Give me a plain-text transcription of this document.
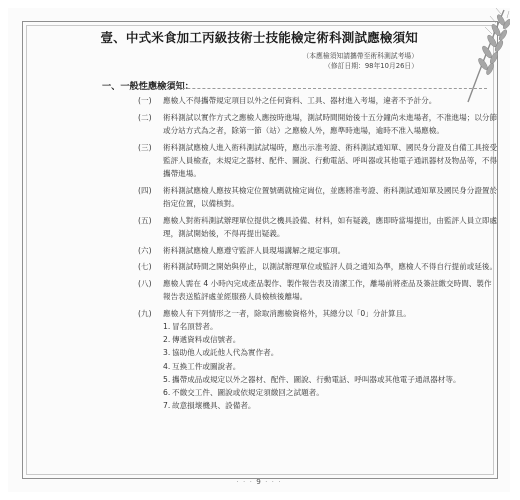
壹、中式米食加工丙級技術士技能檢定術科測試應檢須知
（本應檢須知請攜帶至術科測試考場）
（修訂日期：98年10月26日）
一、一般性應檢須知：
( 一 )	應檢人不得攜帶規定項目以外之任何資料、工具、器材進入考場，違者不予計分。
( 二 )	術科測試以實作方式之應檢人應按時進場，測試時間開始後十五分鐘尚未進場者，不准進場；以分節或分站方式為之者，除第一節（站）之應檢人外，應準時進場，逾時不准入場應檢。
( 三 )	術科測試應檢人進入術科測試試場時，應出示准考證、術科測試通知單、國民身分證及自備工具接受監評人員檢查，未規定之器材、配件、圖說、行動電話、呼叫器或其他電子通訊器材及物品等，不得攜帶進場。
( 四 )	術科測試應檢人應按其檢定位置號碼就檢定崗位，並應將准考證、術科測試通知單及國民身分證置於指定位置，以備核對。
( 五 )	應檢人對術科測試辦理單位提供之機具設備、材料，如有疑義，應即時當場提出，由監評人員立即處理，測試開始後，不得再提出疑義。
( 六 )	術科測試應檢人應遵守監評人員現場講解之規定事項。
( 七 )	術科測試時間之開始與停止，以測試辦理單位或監評人員之通知為準，應檢人不得自行提前或延後。
( 八 )	應檢人需在 4 小時內完成產品製作、製作報告表及清潔工作，離場前將產品及簽註繳交時間、製作報告表送監評處並經服務人員檢核後離場。
( 九 )	應檢人有下列情形之一者，除取消應檢資格外，其總分以「0」分計算且。
1 . 冒名頂替者。
2 . 傳遞資料或信號者。
3 . 協助他人或託他人代為實作者。
4 . 互換工件或圖說者。
5 . 攜帶成品或規定以外之器材、配件、圖說、行動電話、呼叫器或其他電子通訊器材等。
6 . 不繳交工件、圖說或依規定須繳回之試題者。
7 . 故意損壞機具、設備者。
· · · 9 · · ·
